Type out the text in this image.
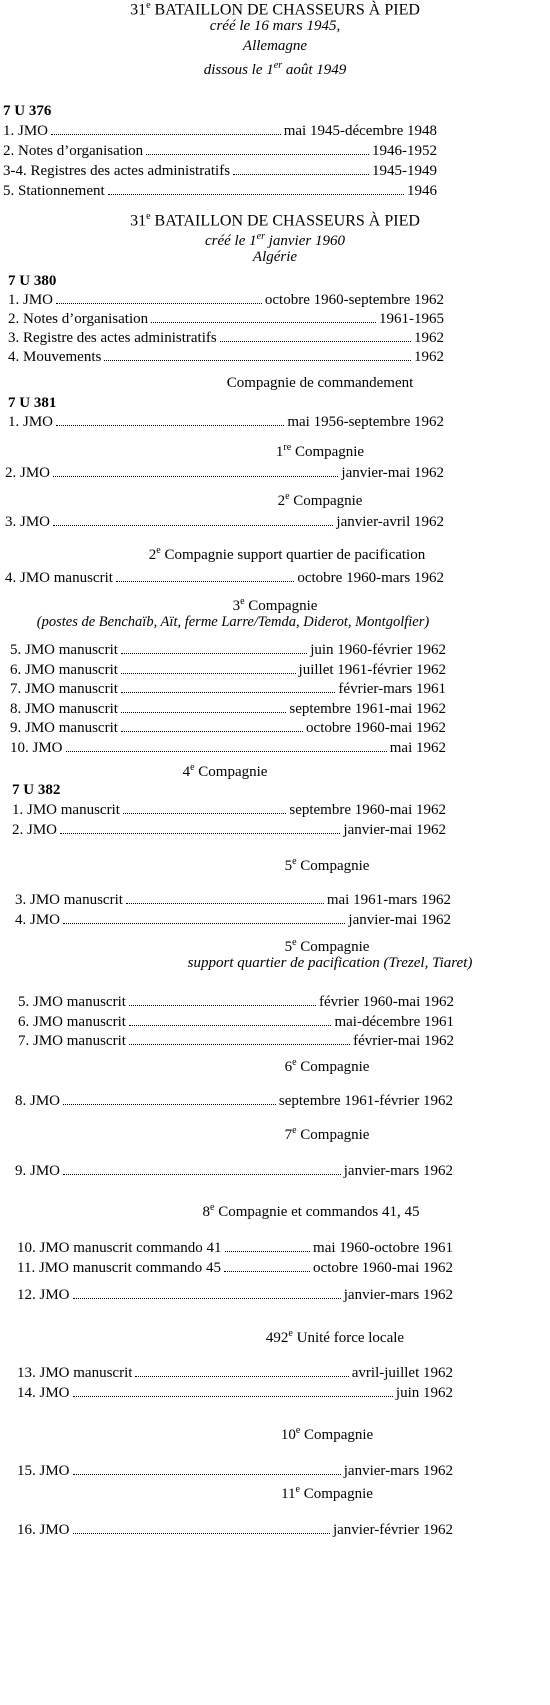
31e BATAILLON DE CHASSEURS À PIED
créé le 16 mars 1945,
Allemagne
dissous le 1er août 1949
7 U 376
1. JMO	mai 1945-décembre 1948
2. Notes d’organisation	1946-1952
3-4. Registres des actes administratifs	1945-1949
5. Stationnement	1946
31e BATAILLON DE CHASSEURS À PIED
créé le 1er janvier 1960
Algérie
7 U 380
1. JMO	octobre 1960-septembre 1962
2. Notes d’organisation	1961-1965
3. Registre des actes administratifs	1962
4. Mouvements	1962
Compagnie de commandement
7 U 381
1. JMO	mai 1956-septembre 1962
1re Compagnie
2. JMO	janvier-mai 1962
2e Compagnie
3. JMO	janvier-avril 1962
2e Compagnie support quartier de pacification
4. JMO manuscrit	octobre 1960-mars 1962
3e Compagnie
(postes de Benchaïb, Aït, ferme Larre/Temda, Diderot, Montgolfier)
5. JMO manuscrit	juin 1960-février 1962
6. JMO manuscrit	juillet 1961-février 1962
7. JMO manuscrit	février-mars 1961
8. JMO manuscrit	septembre 1961-mai 1962
9. JMO manuscrit	octobre 1960-mai 1962
10. JMO	mai 1962
4e Compagnie
7 U 382
1. JMO manuscrit	septembre 1960-mai 1962
2. JMO	janvier-mai 1962
5e Compagnie
3. JMO manuscrit	mai 1961-mars 1962
4. JMO	janvier-mai 1962
5e Compagnie
support quartier de pacification (Trezel, Tiaret)
5. JMO manuscrit	février 1960-mai 1962
6. JMO manuscrit	mai-décembre 1961
7. JMO manuscrit	février-mai 1962
6e Compagnie
8. JMO	septembre 1961-février 1962
7e Compagnie
9. JMO	janvier-mars 1962
8e Compagnie et commandos 41, 45
10. JMO manuscrit commando 41	mai 1960-octobre 1961
11. JMO manuscrit commando 45	octobre 1960-mai 1962
12. JMO	janvier-mars 1962
492e Unité force locale
13. JMO manuscrit	avril-juillet 1962
14. JMO	juin 1962
10e Compagnie
15. JMO	janvier-mars 1962
11e Compagnie
16. JMO	janvier-février 1962
